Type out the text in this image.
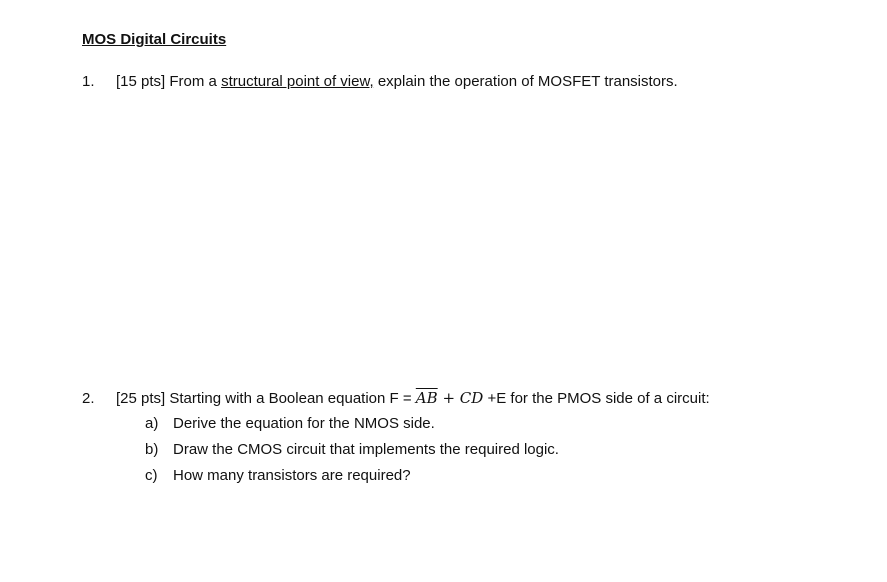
MOS Digital Circuits
1. [15 pts] From a structural point of view, explain the operation of MOSFET transistors.
2. [25 pts] Starting with a Boolean equation $F = \overline{AB}$ + CD +E for the PMOS side of a circuit:
a) Derive the equation for the NMOS side.
b) Draw the CMOS circuit that implements the required logic.
c) How many transistors are required?
